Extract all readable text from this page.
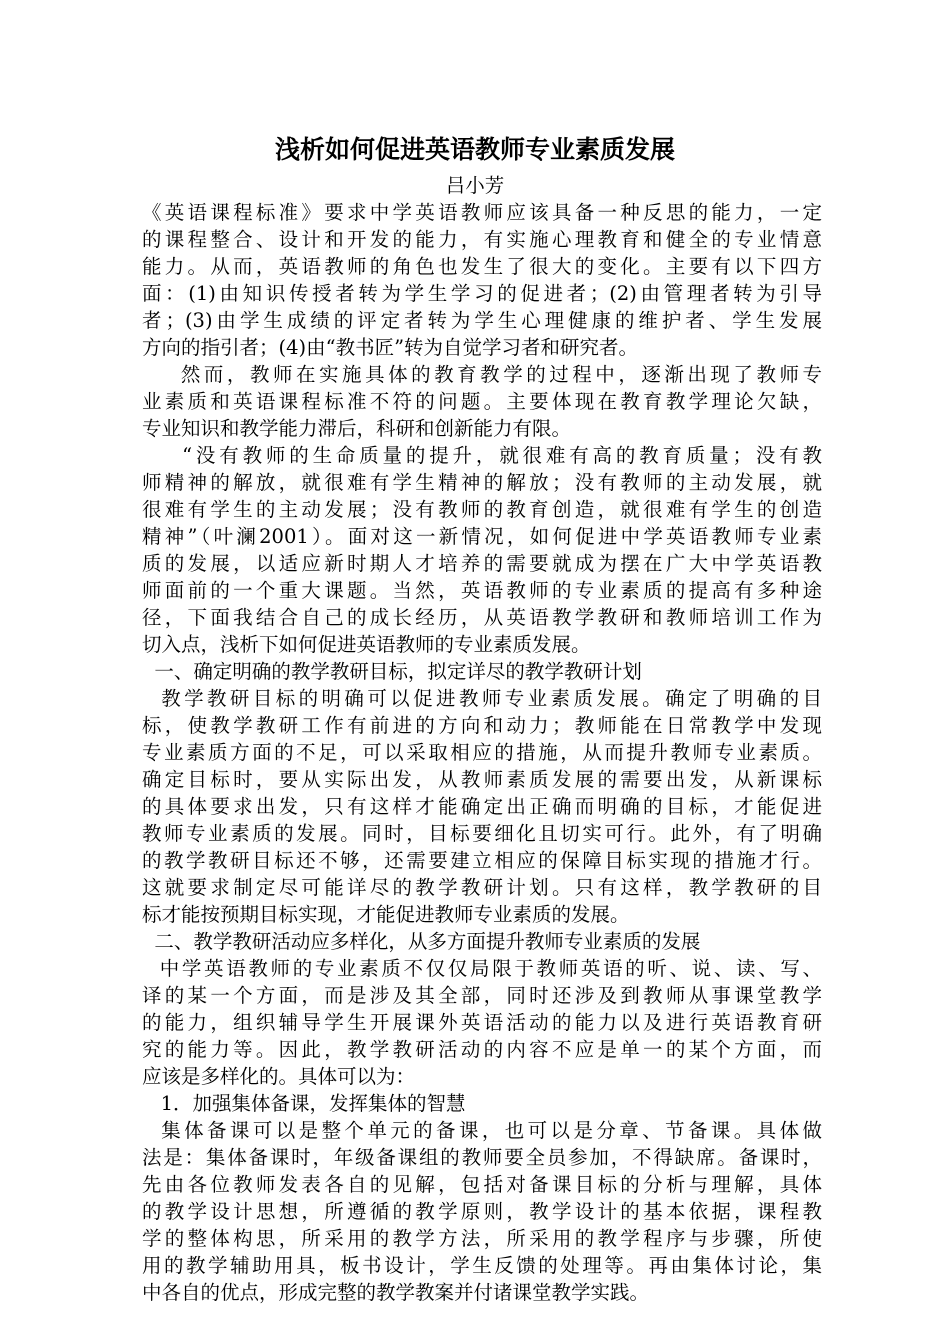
浅析如何促进英语教师专业素质发展
吕小芳
《英语课程标准》要求中学英语教师应该具备一种反思的能力，一定
的课程整合、设计和开发的能力，有实施心理教育和健全的专业情意
能力。从而，英语教师的角色也发生了很大的变化。主要有以下四方
面：(1)由知识传授者转为学生学习的促进者；(2)由管理者转为引导
者；(3)由学生成绩的评定者转为学生心理健康的维护者、学生发展
方向的指引者；(4)由“教书匠”转为自觉学习者和研究者。
然而，教师在实施具体的教育教学的过程中，逐渐出现了教师专
业素质和英语课程标准不符的问题。主要体现在教育教学理论欠缺，
专业知识和教学能力滞后，科研和创新能力有限。
“没有教师的生命质量的提升，就很难有高的教育质量；没有教
师精神的解放，就很难有学生精神的解放；没有教师的主动发展，就
很难有学生的主动发展；没有教师的教育创造，就很难有学生的创造
精神”（叶澜2001）。面对这一新情况，如何促进中学英语教师专业素
质的发展，以适应新时期人才培养的需要就成为摆在广大中学英语教
师面前的一个重大课题。当然，英语教师的专业素质的提高有多种途
径，下面我结合自己的成长经历，从英语教学教研和教师培训工作为
切入点，浅析下如何促进英语教师的专业素质发展。
一、确定明确的教学教研目标，拟定详尽的教学教研计划
教学教研目标的明确可以促进教师专业素质发展。确定了明确的目
标，使教学教研工作有前进的方向和动力；教师能在日常教学中发现
专业素质方面的不足，可以采取相应的措施，从而提升教师专业素质。
确定目标时，要从实际出发，从教师素质发展的需要出发，从新课标
的具体要求出发，只有这样才能确定出正确而明确的目标，才能促进
教师专业素质的发展。同时，目标要细化且切实可行。此外，有了明确
的教学教研目标还不够，还需要建立相应的保障目标实现的措施才行。
这就要求制定尽可能详尽的教学教研计划。只有这样，教学教研的目
标才能按预期目标实现，才能促进教师专业素质的发展。
二、教学教研活动应多样化，从多方面提升教师专业素质的发展
中学英语教师的专业素质不仅仅局限于教师英语的听、说、读、写、
译的某一个方面，而是涉及其全部，同时还涉及到教师从事课堂教学
的能力，组织辅导学生开展课外英语活动的能力以及进行英语教育研
究的能力等。因此，教学教研活动的内容不应是单一的某个方面，而
应该是多样化的。具体可以为：
1．加强集体备课，发挥集体的智慧
集体备课可以是整个单元的备课，也可以是分章、节备课。具体做
法是：集体备课时，年级备课组的教师要全员参加，不得缺席。备课时，
先由各位教师发表各自的见解，包括对备课目标的分析与理解，具体
的教学设计思想，所遵循的教学原则，教学设计的基本依据，课程教
学的整体构思，所采用的教学方法，所采用的教学程序与步骤，所使
用的教学辅助用具，板书设计，学生反馈的处理等。再由集体讨论，集
中各自的优点，形成完整的教学教案并付诸课堂教学实践。
